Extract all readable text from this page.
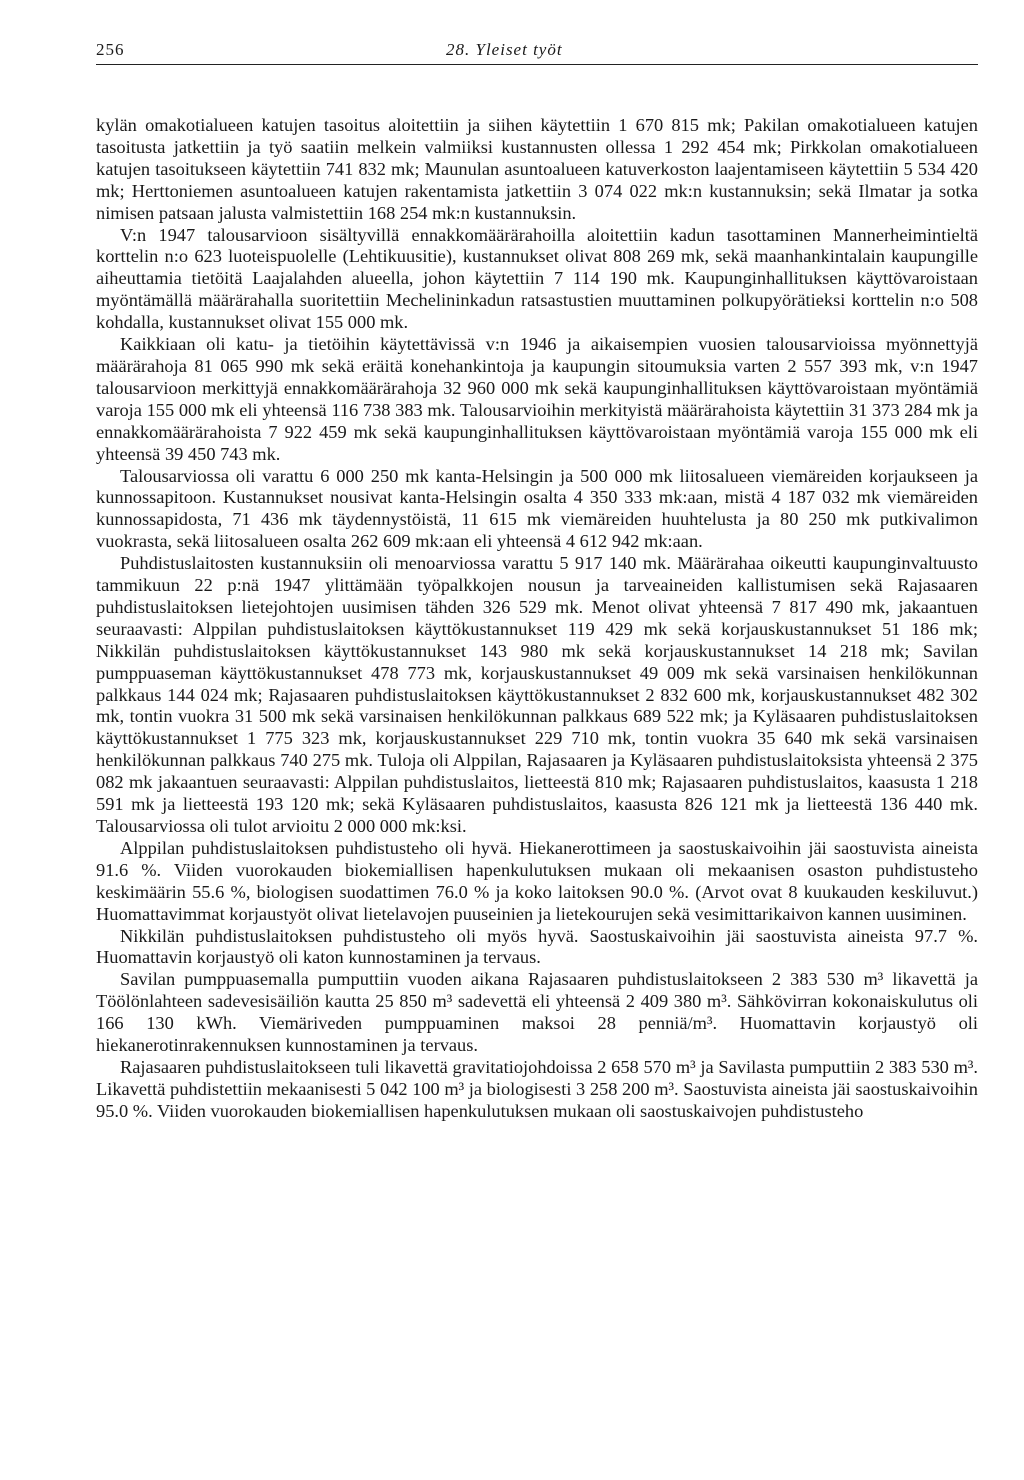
256	28. Yleiset työt

kylän omakotialueen katujen tasoitus aloitettiin ja siihen käytettiin 1 670 815 mk; Pakilan omakotialueen katujen tasoitusta jatkettiin ja työ saatiin melkein valmiiksi kustannusten ollessa 1 292 454 mk; Pirkkolan omakotialueen katujen tasoitukseen käytettiin 741 832 mk; Maunulan asuntoalueen katuverkoston laajentamiseen käytettiin 5 534 420 mk; Herttoniemen asuntoalueen katujen rakentamista jatkettiin 3 074 022 mk:n kustannuksin; sekä Ilmatar ja sotka nimisen patsaan jalusta valmistettiin 168 254 mk:n kustannuksin.

V:n 1947 talousarvioon sisältyvillä ennakkomäärärahoilla aloitettiin kadun tasottaminen Mannerheimintieltä korttelin n:o 623 luoteispuolelle (Lehtikuusitie), kustannukset olivat 808 269 mk, sekä maanhankintalain kaupungille aiheuttamia tietöitä Laajalahden alueella, johon käytettiin 7 114 190 mk. Kaupunginhallituksen käyttövaroistaan myöntämällä määrärahalla suoritettiin Mechelininkadun ratsastustien muuttaminen polkupyörätieksi korttelin n:o 508 kohdalla, kustannukset olivat 155 000 mk.

Kaikkiaan oli katu- ja tietöihin käytettävissä v:n 1946 ja aikaisempien vuosien talousarvioissa myönnettyjä määrärahoja 81 065 990 mk sekä eräitä konehankintoja ja kaupungin sitoumuksia varten 2 557 393 mk, v:n 1947 talousarvioon merkittyjä ennakkomäärärahoja 32 960 000 mk sekä kaupunginhallituksen käyttövaroistaan myöntämiä varoja 155 000 mk eli yhteensä 116 738 383 mk. Talousarvioihin merkityistä määrärahoista käytettiin 31 373 284 mk ja ennakkomäärärahoista 7 922 459 mk sekä kaupunginhallituksen käyttövaroistaan myöntämiä varoja 155 000 mk eli yhteensä 39 450 743 mk.

Talousarviossa oli varattu 6 000 250 mk kanta-Helsingin ja 500 000 mk liitosalueen viemäreiden korjaukseen ja kunnossapitoon. Kustannukset nousivat kanta-Helsingin osalta 4 350 333 mk:aan, mistä 4 187 032 mk viemäreiden kunnossapidosta, 71 436 mk täydennystöistä, 11 615 mk viemäreiden huuhtelusta ja 80 250 mk putkivalimon vuokrasta, sekä liitosalueen osalta 262 609 mk:aan eli yhteensä 4 612 942 mk:aan.

Puhdistuslaitosten kustannuksiin oli menoarviossa varattu 5 917 140 mk. Määrärahaa oikeutti kaupunginvaltuusto tammikuun 22 p:nä 1947 ylittämään työpalkkojen nousun ja tarveaineiden kallistumisen sekä Rajasaaren puhdistuslaitoksen lietejohtojen uusimisen tähden 326 529 mk. Menot olivat yhteensä 7 817 490 mk, jakaantuen seuraavasti: Alppilan puhdistuslaitoksen käyttökustannukset 119 429 mk sekä korjauskustannukset 51 186 mk; Nikkilän puhdistuslaitoksen käyttökustannukset 143 980 mk sekä korjauskustannukset 14 218 mk; Savilan pumppuaseman käyttökustannukset 478 773 mk, korjauskustannukset 49 009 mk sekä varsinaisen henkilökunnan palkkaus 144 024 mk; Rajasaaren puhdistuslaitoksen käyttökustannukset 2 832 600 mk, korjauskustannukset 482 302 mk, tontin vuokra 31 500 mk sekä varsinaisen henkilökunnan palkkaus 689 522 mk; ja Kyläsaaren puhdistuslaitoksen käyttökustannukset 1 775 323 mk, korjauskustannukset 229 710 mk, tontin vuokra 35 640 mk sekä varsinaisen henkilökunnan palkkaus 740 275 mk. Tuloja oli Alppilan, Rajasaaren ja Kyläsaaren puhdistuslaitoksista yhteensä 2 375 082 mk jakaantuen seuraavasti: Alppilan puhdistuslaitos, lietteestä 810 mk; Rajasaaren puhdistuslaitos, kaasusta 1 218 591 mk ja lietteestä 193 120 mk; sekä Kyläsaaren puhdistuslaitos, kaasusta 826 121 mk ja lietteestä 136 440 mk. Talousarviossa oli tulot arvioitu 2 000 000 mk:ksi.

Alppilan puhdistuslaitoksen puhdistusteho oli hyvä. Hiekanerottimeen ja saostuskaivoihin jäi saostuvista aineista 91.6 %. Viiden vuorokauden biokemiallisen hapenkulutuksen mukaan oli mekaanisen osaston puhdistusteho keskimäärin 55.6 %, biologisen suodattimen 76.0 % ja koko laitoksen 90.0 %. (Arvot ovat 8 kuukauden keskiluvut.) Huomattavimmat korjaustyöt olivat lietelavojen puuseinien ja lietekourujen sekä vesimittarikaivon kannen uusiminen.

Nikkilän puhdistuslaitoksen puhdistusteho oli myös hyvä. Saostuskaivoihin jäi saostuvista aineista 97.7 %. Huomattavin korjaustyö oli katon kunnostaminen ja tervaus.

Savilan pumppuasemalla pumputtiin vuoden aikana Rajasaaren puhdistuslaitokseen 2 383 530 m³ likavettä ja Töölönlahteen sadevesisäiliön kautta 25 850 m³ sadevettä eli yhteensä 2 409 380 m³. Sähkövirran kokonaiskulutus oli 166 130 kWh. Viemäriveden pumppuaminen maksoi 28 penniä/m³. Huomattavin korjaustyö oli hiekanerotinrakennuksen kunnostaminen ja tervaus.

Rajasaaren puhdistuslaitokseen tuli likavettä gravitatiojohdoissa 2 658 570 m³ ja Savilasta pumputtiin 2 383 530 m³. Likavettä puhdistettiin mekaanisesti 5 042 100 m³ ja biologisesti 3 258 200 m³. Saostuvista aineista jäi saostuskaivoihin 95.0 %. Viiden vuorokauden biokemiallisen hapenkulutuksen mukaan oli saostuskaivojen puhdistusteho
